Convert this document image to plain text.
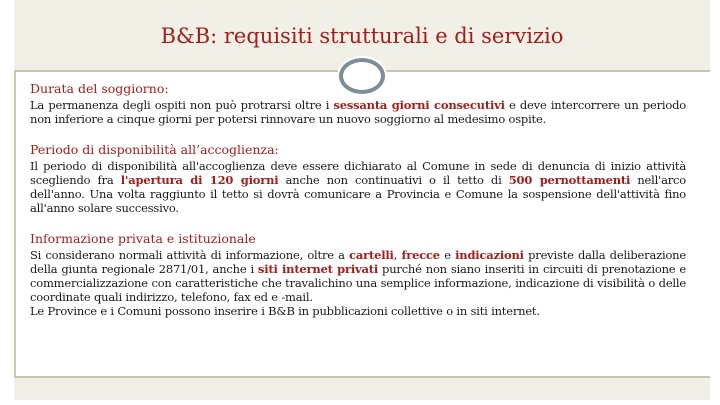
B&B: requisiti strutturali e di servizio
Durata del soggiorno:

La permanenza degli ospiti non può protrarsi oltre i sessanta giorni consecutivi e deve intercorrere un periodo non inferiore a cinque giorni per potersi rinnovare un nuovo soggiorno al medesimo ospite.

Periodo di disponibilità all’accoglienza:

Il periodo di disponibilità all'accoglienza deve essere dichiarato al Comune in sede di denuncia di inizio attività scegliendo fra l'apertura di 120 giorni anche non continuativi o il tetto di 500 pernottamenti nell'arco dell'anno. Una volta raggiunto il tetto si dovrà comunicare a Provincia e Comune la sospensione dell'attività fino all'anno solare successivo.

Informazione privata e istituzionale

Si considerano normali attività di informazione, oltre a cartelli, frecce e indicazioni previste dalla deliberazione della giunta regionale 2871/01, anche i siti internet privati purché non siano inseriti in circuiti di prenotazione e commercializzazione con caratteristiche che travalichino una semplice informazione, indicazione di visibilità o delle coordinate quali indirizzo, telefono, fax ed e -mail.

Le Province e i Comuni possono inserire i B&B in pubblicazioni collettive o in siti internet.
